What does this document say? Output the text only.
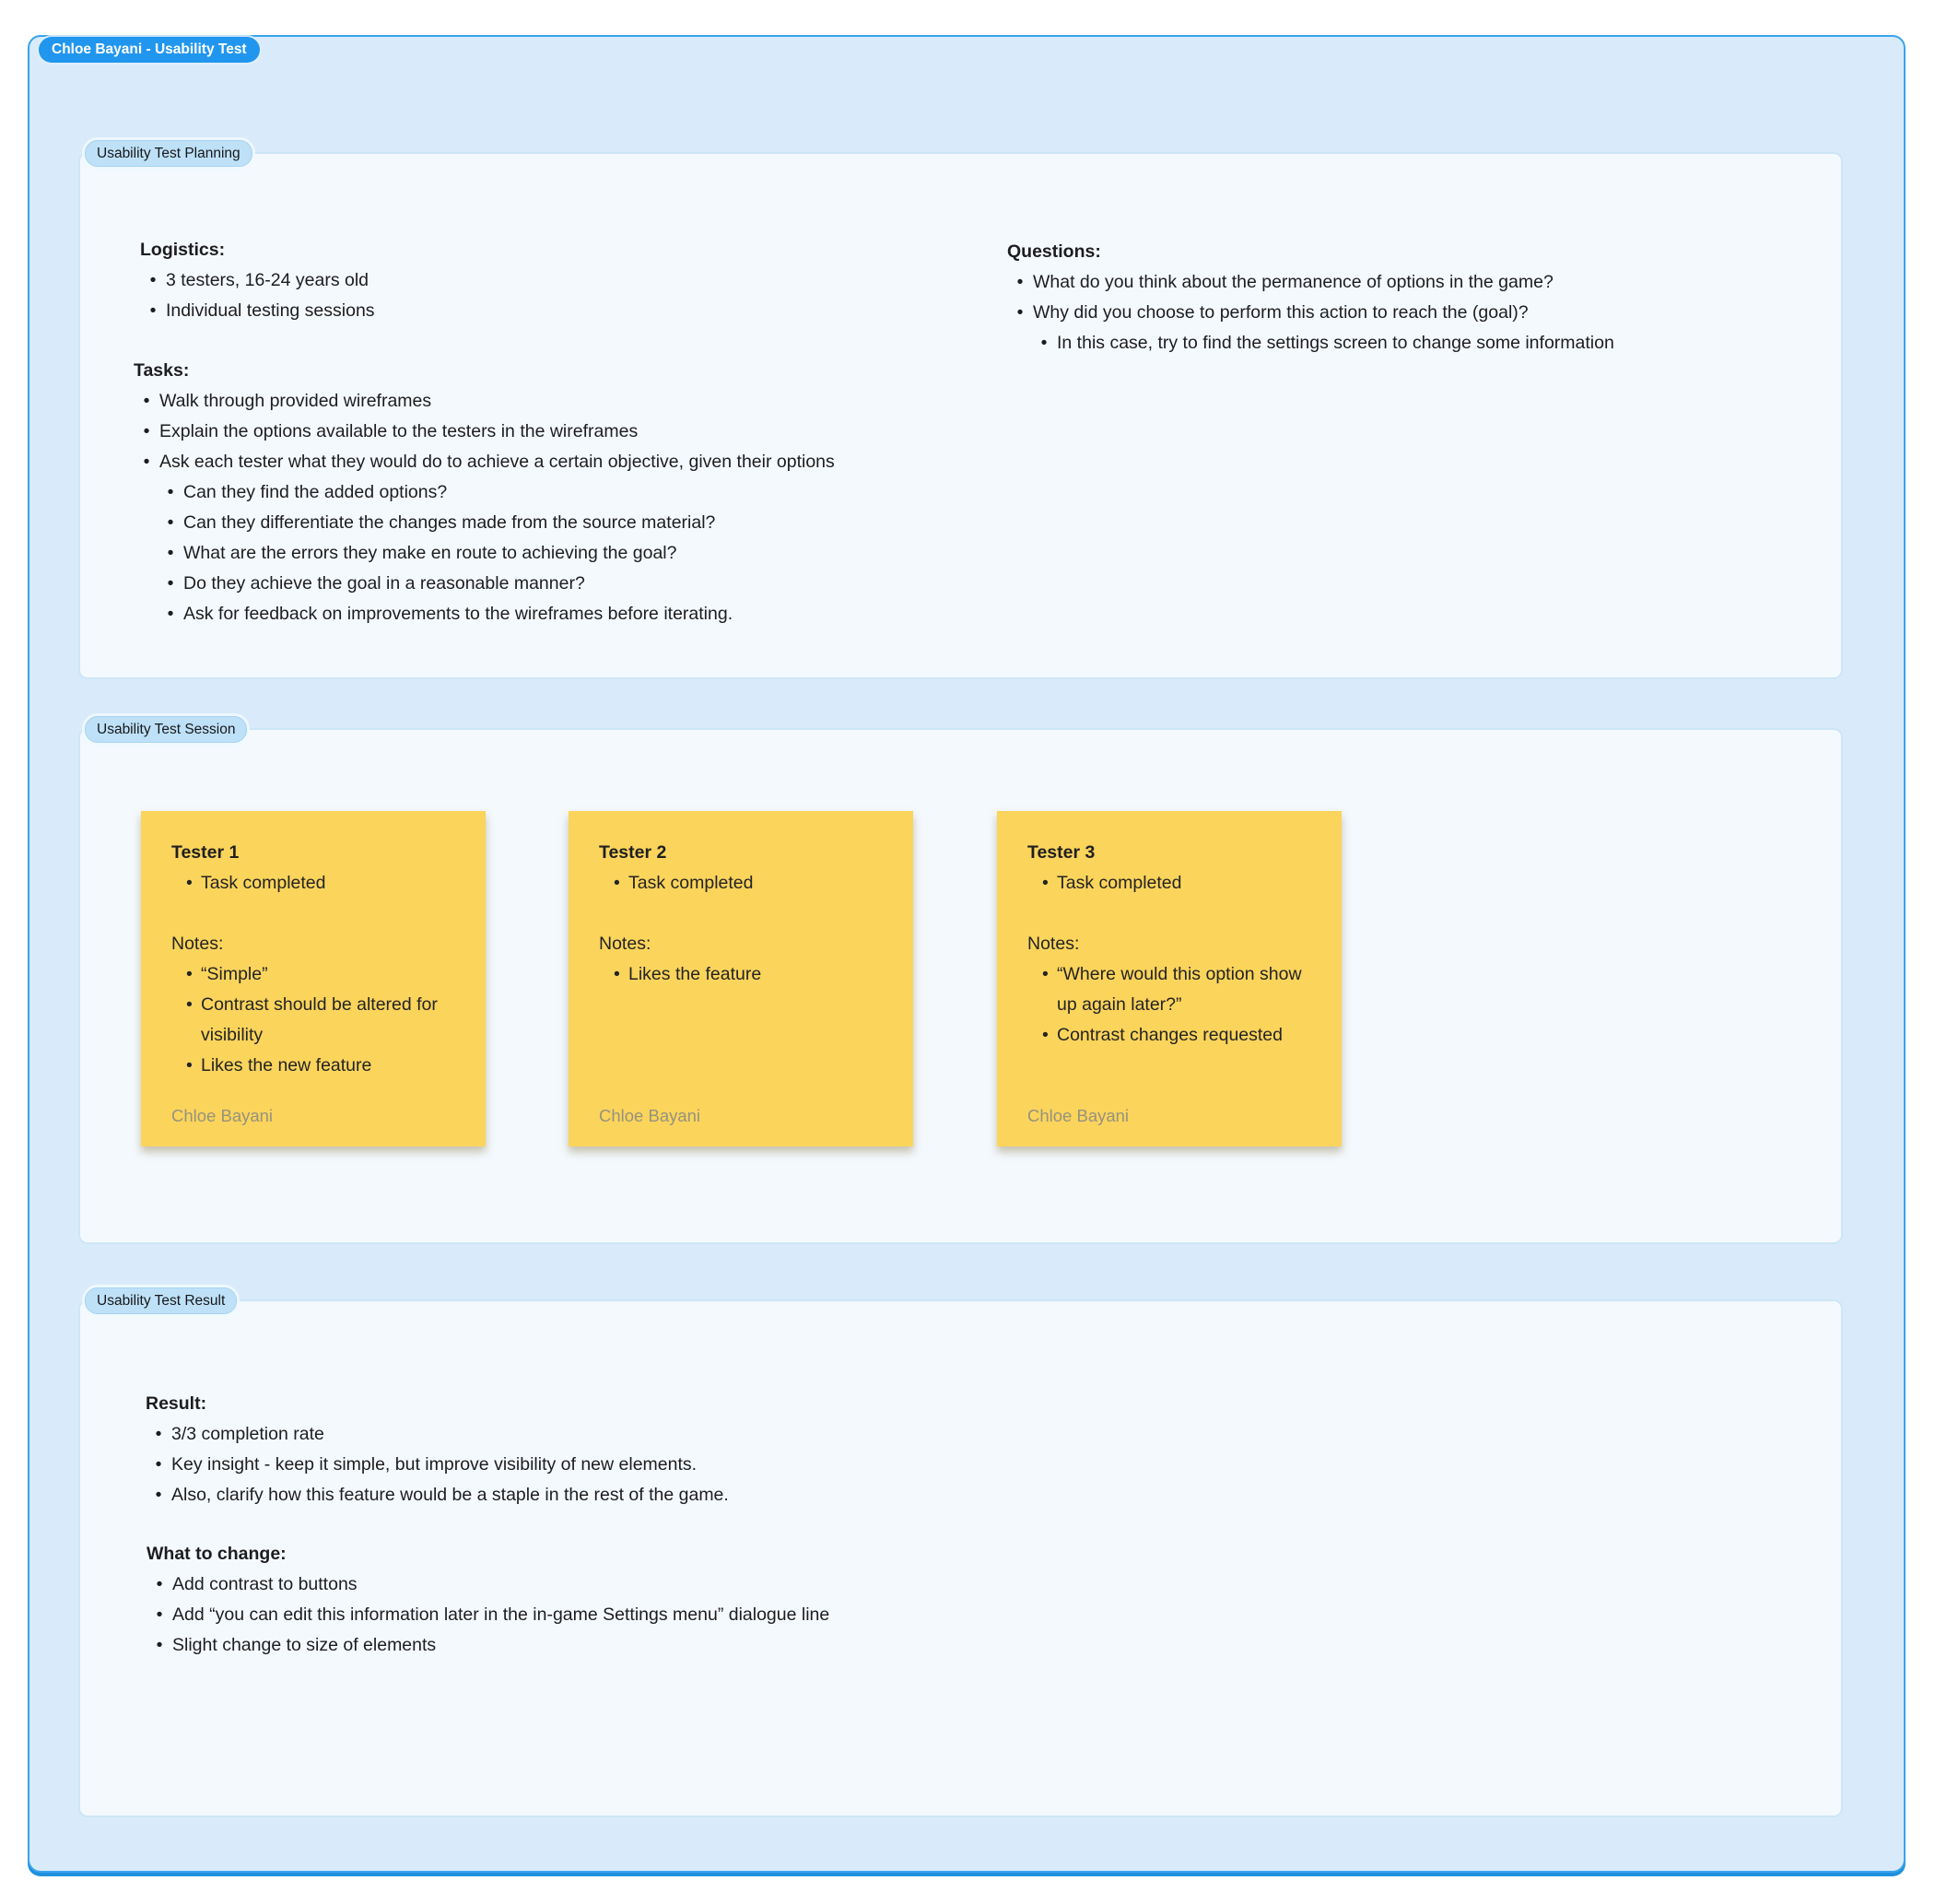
Chloe Bayani - Usability Test
Usability Test Planning
Logistics:
•
3 testers, 16-24 years old
•
Individual testing sessions
Tasks:
•
Walk through provided wireframes
•
Explain the options available to the testers in the wireframes
•
Ask each tester what they would do to achieve a certain objective, given their options
•
Can they find the added options?
•
Can they differentiate the changes made from the source material?
•
What are the errors they make en route to achieving the goal?
•
Do they achieve the goal in a reasonable manner?
•
Ask for feedback on improvements to the wireframes before iterating.
Questions:
•
What do you think about the permanence of options in the game?
•
Why did you choose to perform this action to reach the (goal)?
•
In this case, try to find the settings screen to change some information
Usability Test Session
Tester 1
•
Task completed
Notes:
•
“Simple”
•
Contrast should be altered for visibility
•
Likes the new feature
Chloe Bayani
Tester 2
•
Task completed
Notes:
•
Likes the feature
Chloe Bayani
Tester 3
•
Task completed
Notes:
•
“Where would this option show up again later?”
•
Contrast changes requested
Chloe Bayani
Usability Test Result
Result:
•
3/3 completion rate
•
Key insight - keep it simple, but improve visibility of new elements.
•
Also, clarify how this feature would be a staple in the rest of the game.
What to change:
•
Add contrast to buttons
•
Add “you can edit this information later in the in-game Settings menu” dialogue line
•
Slight change to size of elements
